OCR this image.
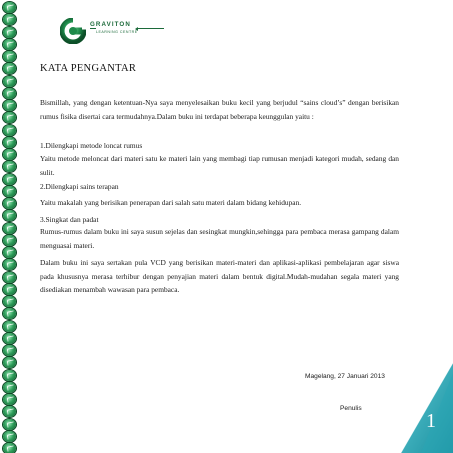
GRAVITON
LEARNING CENTRE
KATA PENGANTAR

Bismillah, yang dengan ketentuan-Nya saya menyelesaikan buku kecil yang berjudul “sains cloud’s” dengan berisikan rumus fisika disertai cara termudahnya.Dalam buku ini terdapat beberapa keunggulan yaitu :

1.Dilengkapi metode loncat rumus

Yaitu metode meloncat dari materi satu ke materi lain yang membagi tiap rumusan menjadi kategori mudah, sedang dan sulit.

2.Dilengkapi sains terapan

Yaitu makalah yang berisikan penerapan dari salah satu materi dalam bidang kehidupan.

3.Singkat dan padat

Rumus-rumus dalam buku ini saya susun sejelas dan sesingkat mungkin,sehingga para pembaca merasa gampang dalam menguasai materi.

Dalam buku ini saya sertakan pula VCD yang berisikan materi-materi dan aplikasi-aplikasi pembelajaran agar siswa pada khususnya merasa terhibur dengan penyajian materi dalam bentuk digital.Mudah-mudahan segala materi yang disediakan menambah wawasan para pembaca.

Magelang, 27 Januari 2013
Penulis
1
